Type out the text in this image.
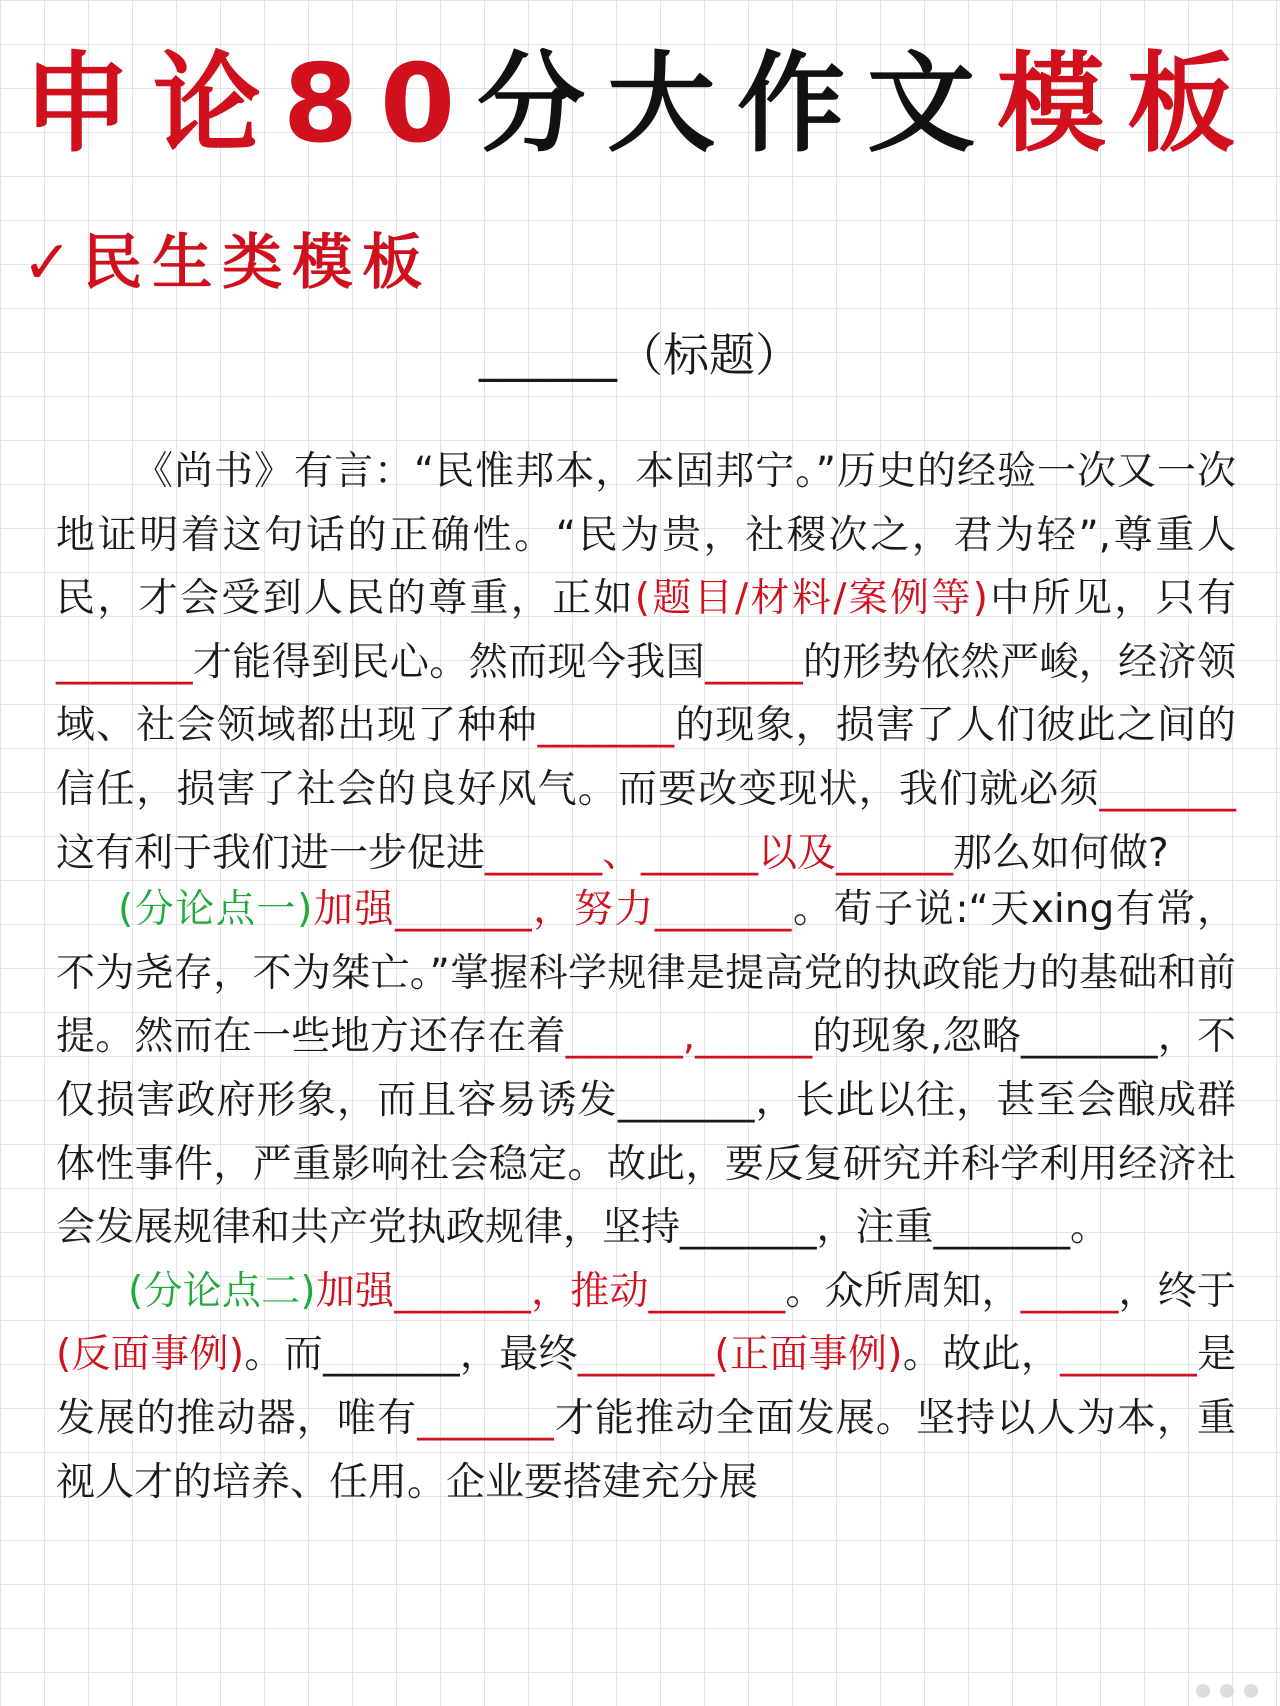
申论80分大作文模板
✓民生类模板
______（标题）

《尚书》有言：“民惟邦本，本固邦宁。”历史的经验一次又一次地证明着这句话的正确性。“民为贵，社稷次之，君为轻”,尊重人民，才会受到人民的尊重，正如(题目/材料/案例等)中所见，只有_______才能得到民心。然而现今我国_____的形势依然严峻，经济领域、社会领域都出现了种种_______的现象，损害了人们彼此之间的信任，损害了社会的良好风气。而要改变现状，我们就必须_______这有利于我们进一步促进______、______以及______那么如何做?

(分论点一)加强_______，努力_______。荀子说:“天xing有常，不为尧存，不为桀亡。”掌握科学规律是提高党的执政能力的基础和前提。然而在一些地方还存在着______,______的现象,忽略_______，不仅损害政府形象，而且容易诱发_______，长此以往，甚至会酿成群体性事件，严重影响社会稳定。故此，要反复研究并科学利用经济社会发展规律和共产党执政规律，坚持_______，注重_______。

(分论点二)加强_______，推动_______。众所周知，_____，终于(反面事例)。而_______，最终_______(正面事例)。故此，_______是发展的推动器，唯有_______才能推动全面发展。坚持以人为本，重视人才的培养、任用。企业要搭建充分展
